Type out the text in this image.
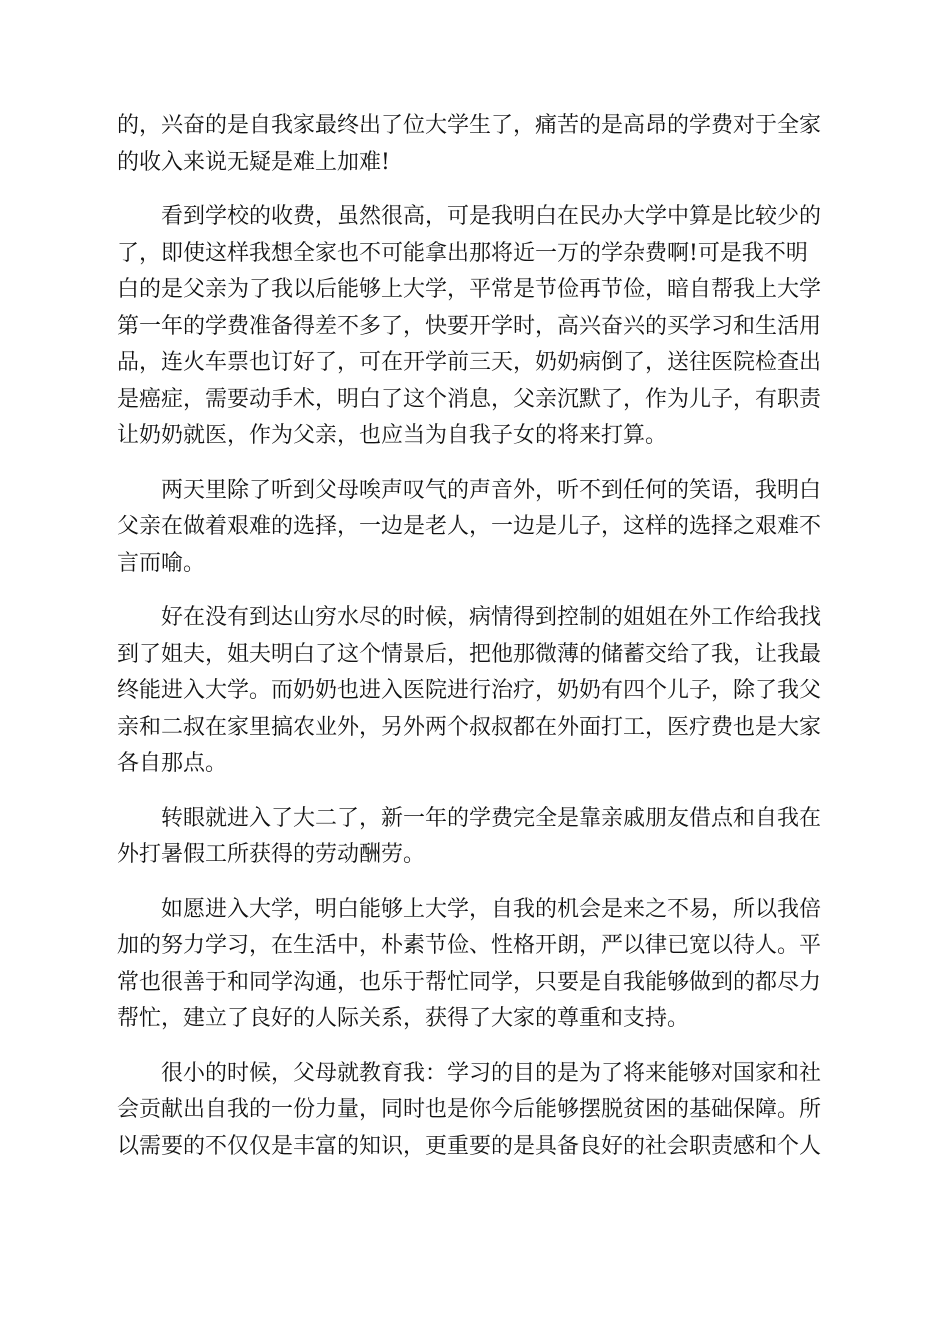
的，兴奋的是自我家最终出了位大学生了，痛苦的是高昂的学费对于全家
的收入来说无疑是难上加难!

看到学校的收费，虽然很高，可是我明白在民办大学中算是比较少的
了，即使这样我想全家也不可能拿出那将近一万的学杂费啊!可是我不明
白的是父亲为了我以后能够上大学，平常是节俭再节俭，暗自帮我上大学
第一年的学费准备得差不多了，快要开学时，高兴奋兴的买学习和生活用
品，连火车票也订好了，可在开学前三天，奶奶病倒了，送往医院检查出
是癌症，需要动手术，明白了这个消息，父亲沉默了，作为儿子，有职责
让奶奶就医，作为父亲，也应当为自我子女的将来打算。

两天里除了听到父母唉声叹气的声音外，听不到任何的笑语，我明白
父亲在做着艰难的选择，一边是老人，一边是儿子，这样的选择之艰难不
言而喻。

好在没有到达山穷水尽的时候，病情得到控制的姐姐在外工作给我找
到了姐夫，姐夫明白了这个情景后，把他那微薄的储蓄交给了我，让我最
终能进入大学。而奶奶也进入医院进行治疗，奶奶有四个儿子，除了我父
亲和二叔在家里搞农业外，另外两个叔叔都在外面打工，医疗费也是大家
各自那点。

转眼就进入了大二了，新一年的学费完全是靠亲戚朋友借点和自我在
外打暑假工所获得的劳动酬劳。

如愿进入大学，明白能够上大学，自我的机会是来之不易，所以我倍
加的努力学习，在生活中，朴素节俭、性格开朗，严以律已宽以待人。平
常也很善于和同学沟通，也乐于帮忙同学，只要是自我能够做到的都尽力
帮忙，建立了良好的人际关系，获得了大家的尊重和支持。

很小的时候，父母就教育我：学习的目的是为了将来能够对国家和社
会贡献出自我的一份力量，同时也是你今后能够摆脱贫困的基础保障。所
以需要的不仅仅是丰富的知识，更重要的是具备良好的社会职责感和个人
